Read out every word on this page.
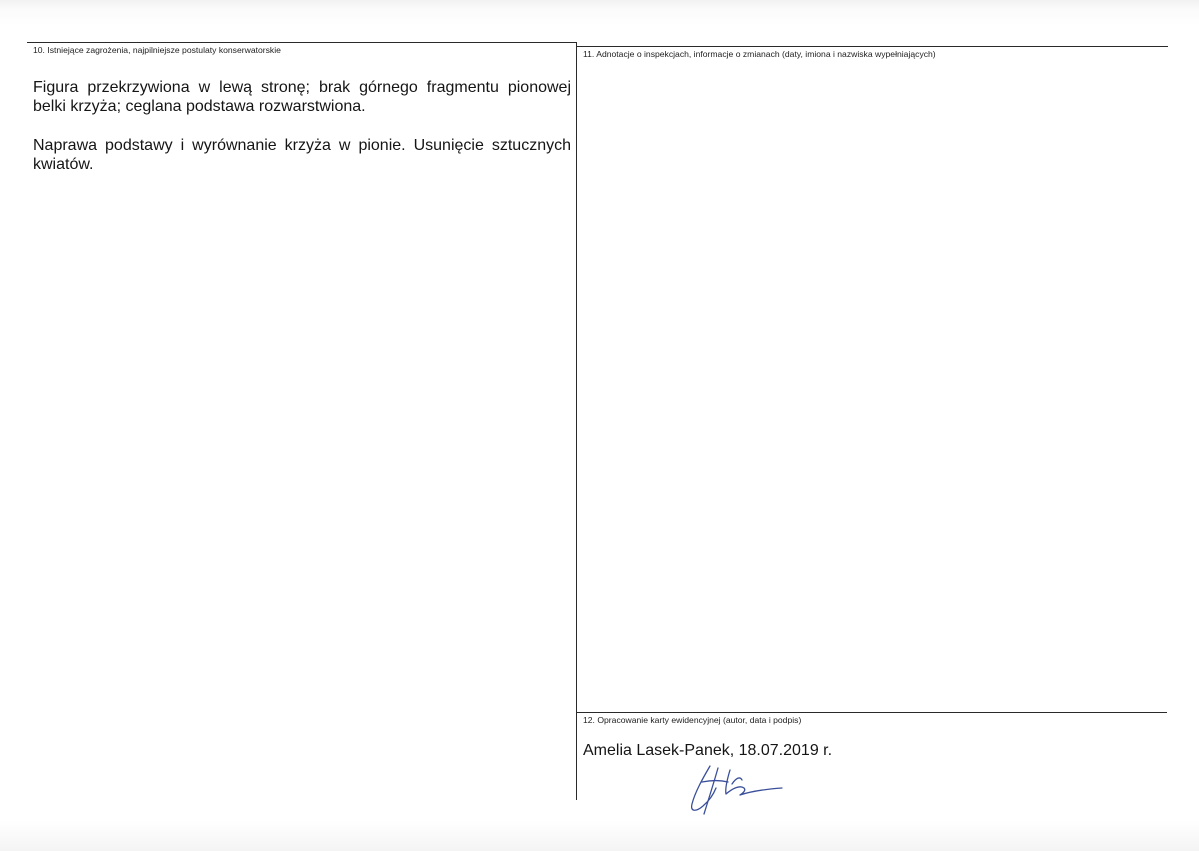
10. Istniejące zagrożenia, najpilniejsze postulaty konserwatorskie
Figura przekrzywiona w lewą stronę; brak górnego fragmentu pionowej belki krzyża; ceglana podstawa rozwarstwiona.
Naprawa podstawy i wyrównanie krzyża w pionie. Usunięcie sztucznych kwiatów.
11. Adnotacje o inspekcjach, informacje o zmianach (daty, imiona i nazwiska wypełniających)
12. Opracowanie karty ewidencyjnej (autor, data i podpis)
Amelia Lasek-Panek, 18.07.2019 r.
